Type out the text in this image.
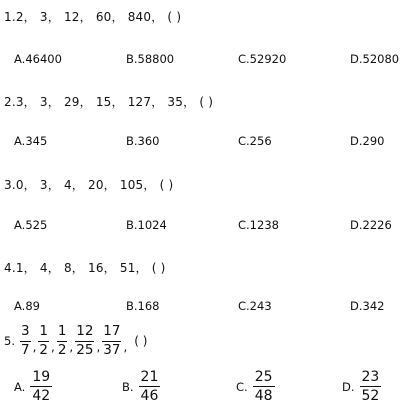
1.2， 3， 12， 60， 840， ( )
A.46400	B.58800	C.52920	D.52080
2.3， 3， 29， 15， 127， 35， ( )
A.345	B.360	C.256	D.290
3.0， 3， 4， 20， 105， ( )
A.525	B.1024	C.1238	D.2226
4.1， 4， 8， 16， 51， ( )
A.89	B.168	C.243	D.342
5. $\frac{3}{7}$ , $\frac{1}{2}$ , $\frac{1}{2}$ , $\frac{12}{25}$ , $\frac{17}{37}$ , ( )
A. $\frac{19}{42}$	B. $\frac{21}{46}$	C. $\frac{25}{48}$	D. $\frac{23}{52}$
